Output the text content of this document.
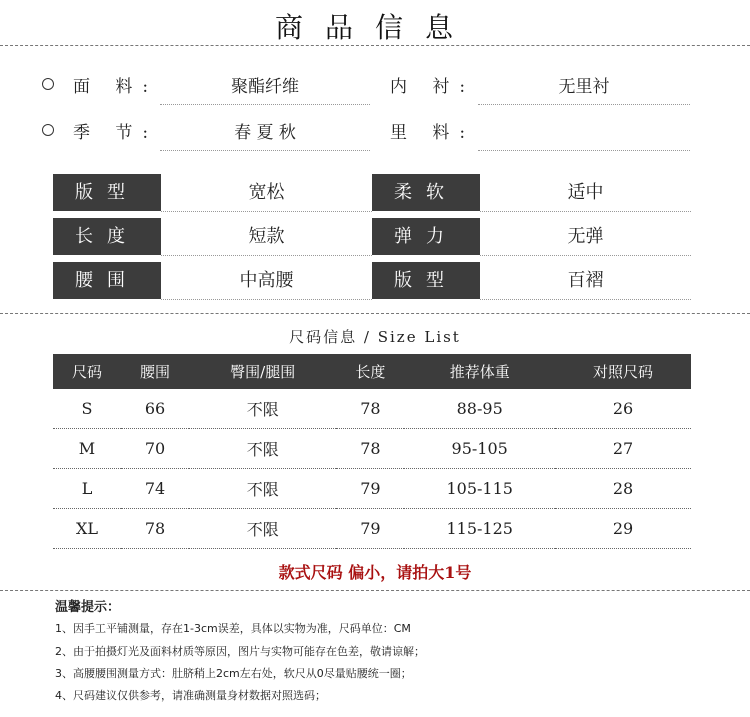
商品信息
面 料:	聚酯纤维	内 衬:	无里衬
季 节:	春 夏 秋	里 料:
版型	宽松	柔软	适中
长度	短款	弹力	无弹
腰围	中高腰	版型	百褶
尺码信息 / Size List
尺码	腰围	臀围/腿围	长度	推荐体重	对照尺码
S	66	不限	78	88-95	26
M	70	不限	78	95-105	27
L	74	不限	79	105-115	28
XL	78	不限	79	115-125	29
款式尺码 偏小，请拍大1号
温馨提示：
1、因手工平铺测量，存在1-3cm误差，具体以实物为准，尺码单位：CM
2、由于拍摄灯光及面料材质等原因，图片与实物可能存在色差，敬请谅解；
3、高腰腰围测量方式：肚脐稍上2cm左右处，软尺从0尽量贴腰统一圈；
4、尺码建议仅供参考，请准确测量身材数据对照选码；
